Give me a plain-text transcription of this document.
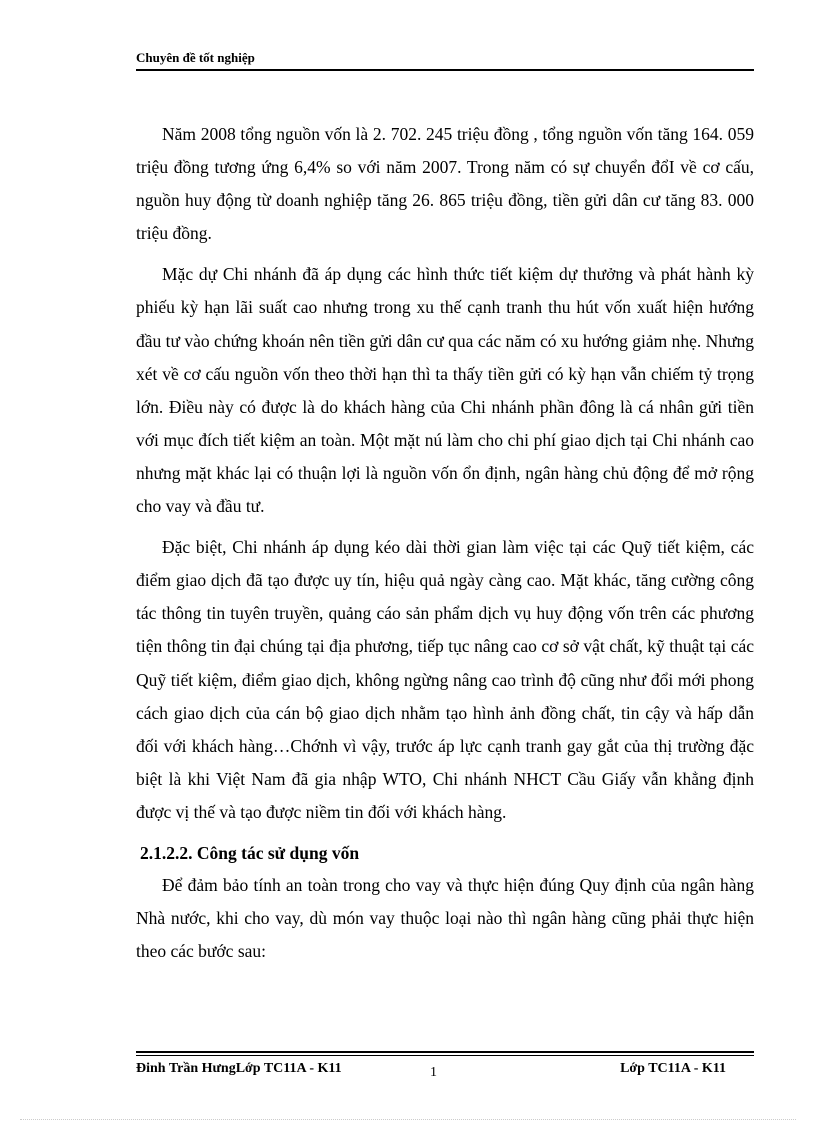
Chuyên đề tốt nghiệp

Năm 2008 tổng nguồn vốn là 2. 702. 245 triệu đồng , tổng nguồn vốn tăng 164. 059 triệu đồng tương ứng 6,4% so với năm 2007. Trong năm có sự chuyển đổI về cơ cấu, nguồn huy động từ doanh nghiệp tăng 26. 865 triệu đồng, tiền gửi dân cư tăng 83. 000 triệu đồng.

Mặc dự Chi nhánh đã áp dụng các hình thức tiết kiệm dự thưởng và phát hành kỳ phiếu kỳ hạn lãi suất cao nhưng trong xu thế cạnh tranh thu hút vốn xuất hiện hướng đầu tư vào chứng khoán nên tiền gửi dân cư qua các năm có xu hướng giảm nhẹ. Nhưng xét về cơ cấu nguồn vốn theo thời hạn thì ta thấy tiền gửi có kỳ hạn vẫn chiếm tỷ trọng lớn. Điều này có được là do khách hàng của Chi nhánh phần đông là cá nhân gửi tiền với mục đích tiết kiệm an toàn. Một mặt nú làm cho chi phí giao dịch tại Chi nhánh cao nhưng mặt khác lại có thuận lợi là nguồn vốn ổn định, ngân hàng chủ động để mở rộng cho vay và đầu tư.

Đặc biệt, Chi nhánh áp dụng kéo dài thời gian làm việc tại các Quỹ tiết kiệm, các điểm giao dịch đã tạo được uy tín, hiệu quả ngày càng cao. Mặt khác, tăng cường công tác thông tin tuyên truyền, quảng cáo sản phẩm dịch vụ huy động vốn trên các phương tiện thông tin đại chúng tại địa phương, tiếp tục nâng cao cơ sở vật chất, kỹ thuật tại các Quỹ tiết kiệm, điểm giao dịch, không ngừng nâng cao trình độ cũng như đổi mới phong cách giao dịch của cán bộ giao dịch nhằm tạo hình ảnh đồng chất, tin cậy và hấp dẫn đối với khách hàng…Chớnh vì vậy, trước áp lực cạnh tranh gay gắt của thị trường đặc biệt là khi Việt Nam đã gia nhập WTO, Chi nhánh NHCT Cầu Giấy vẫn khẳng định được vị thế và tạo được niềm tin đối với khách hàng.

2.1.2.2. Công tác sử dụng vốn

Để đảm bảo tính an toàn trong cho vay và thực hiện đúng Quy định của ngân hàng Nhà nước, khi cho vay, dù món vay thuộc loại nào thì ngân hàng cũng phải thực hiện theo các bước sau:

Đinh Trần HưngLớp TC11A - K11	1	Lớp TC11A - K11
